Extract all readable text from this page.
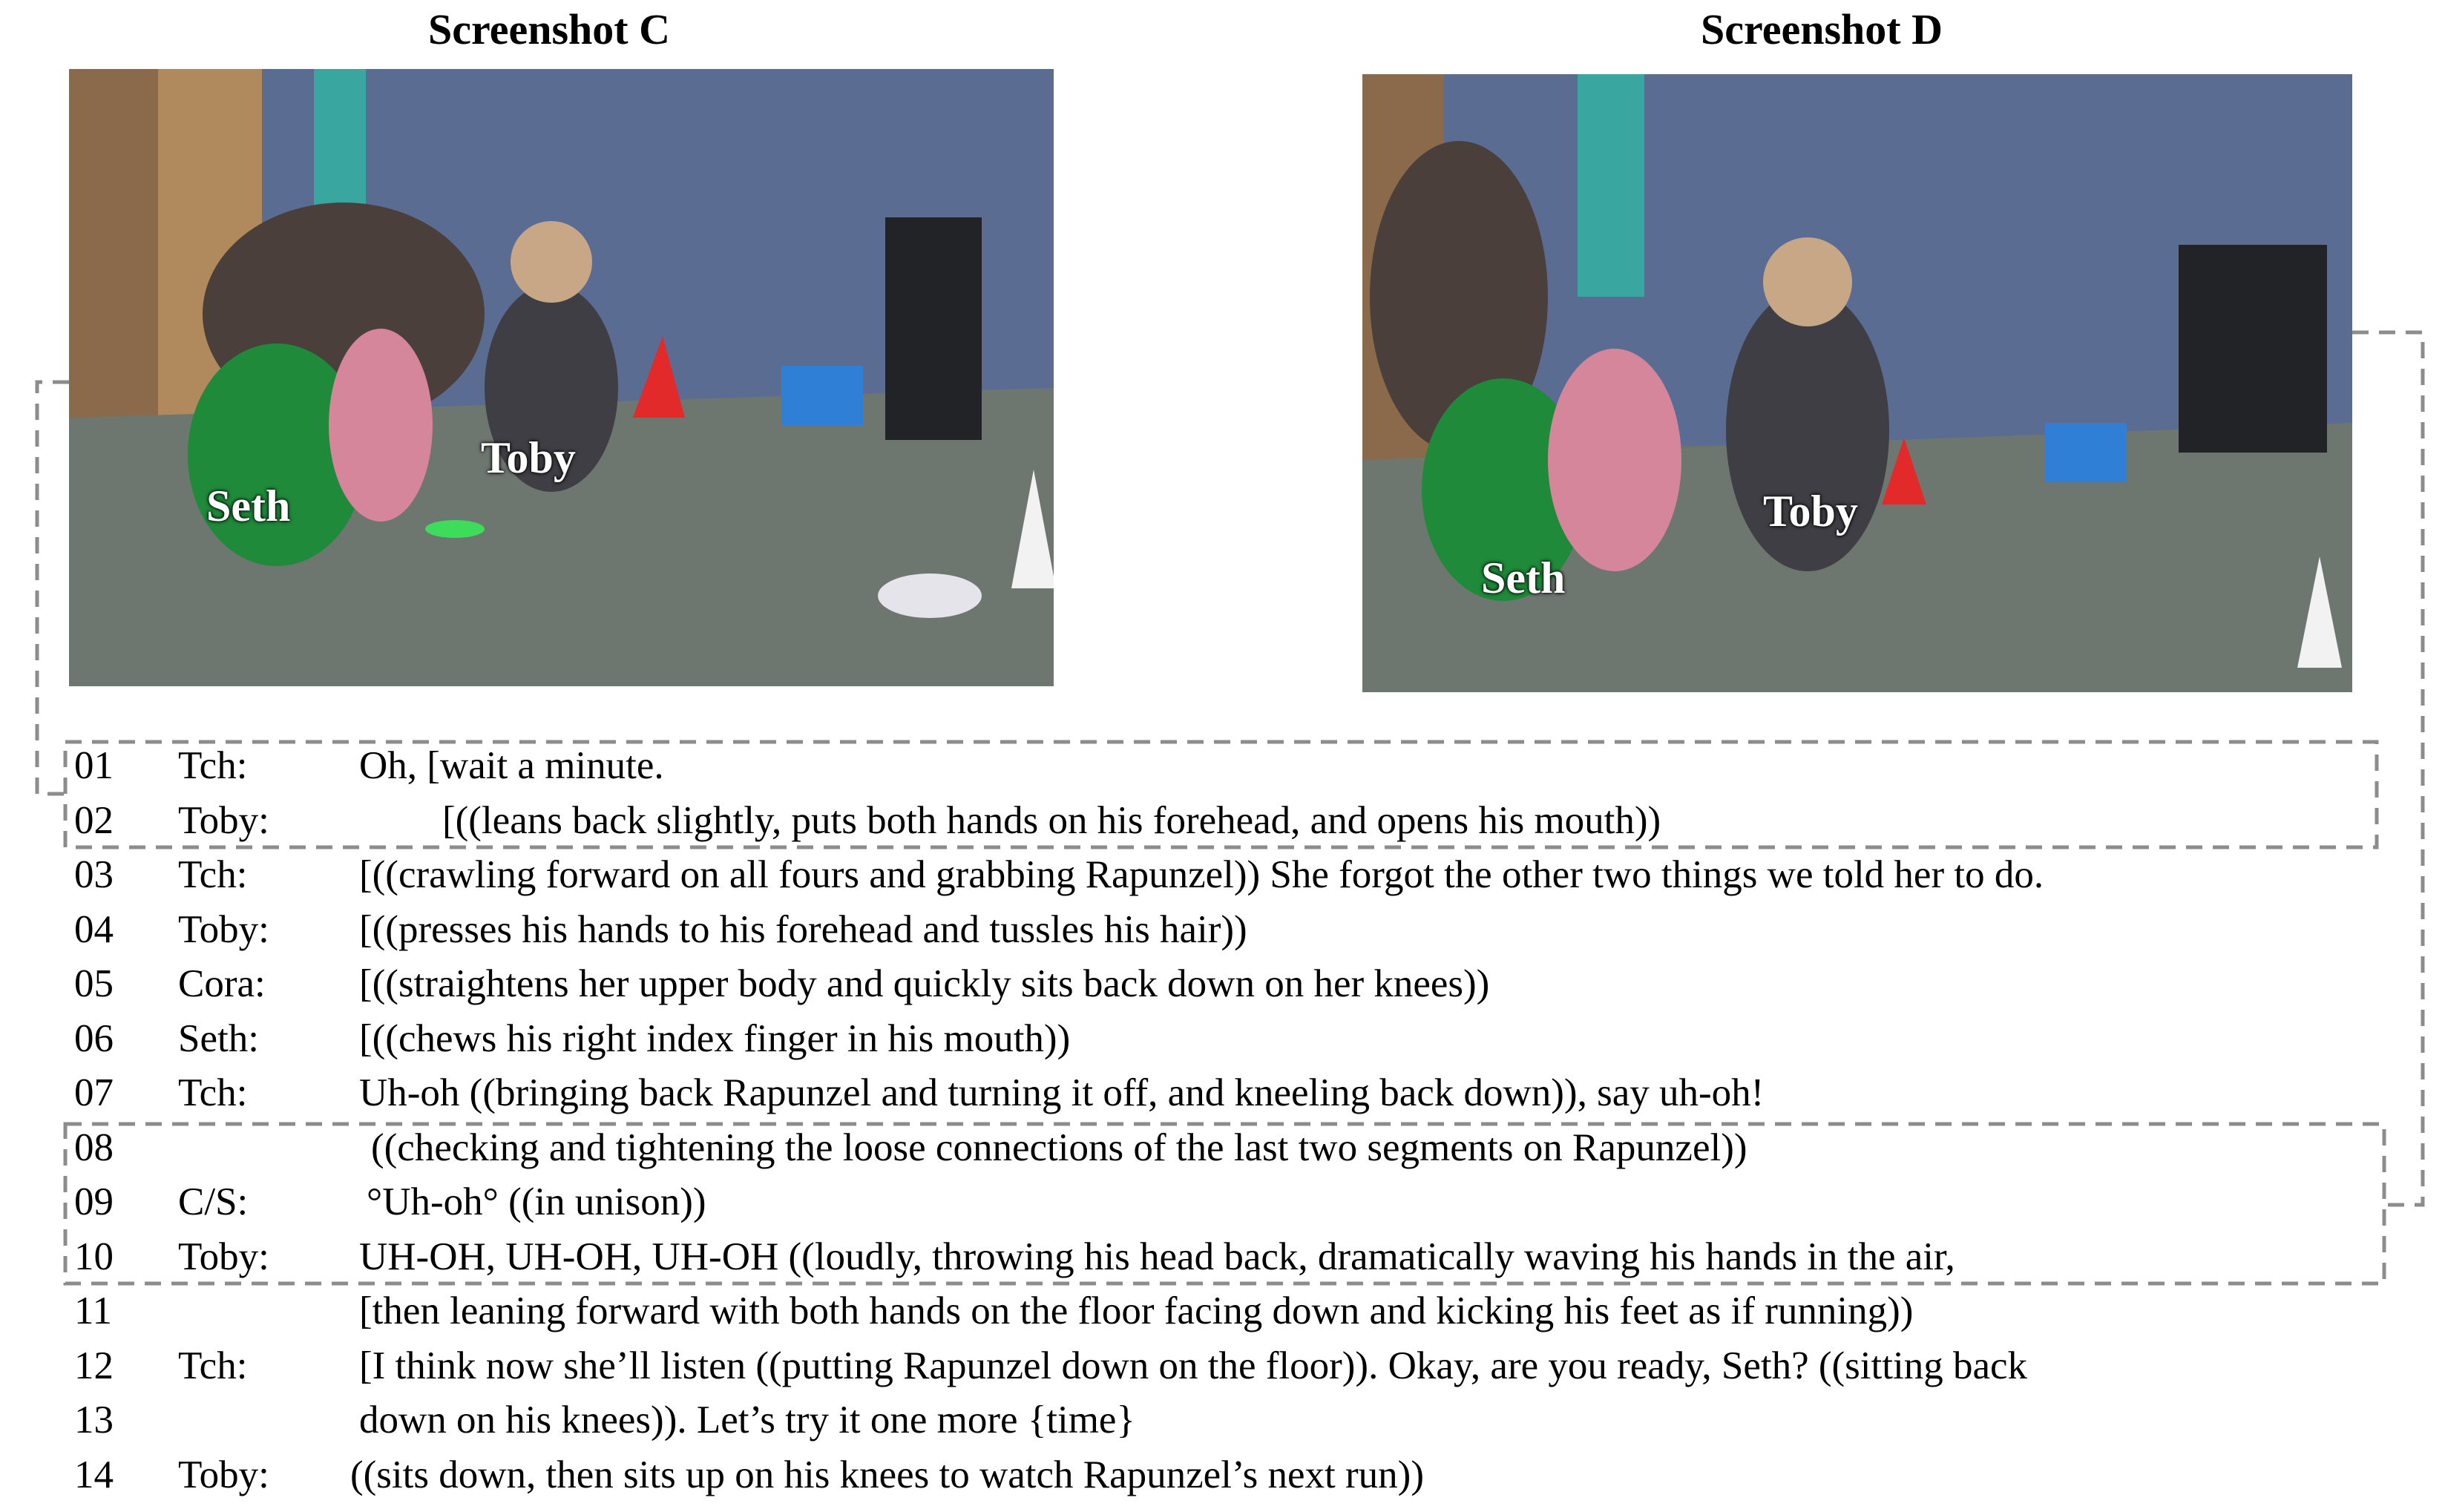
Screenshot C	Screenshot D
Seth
Toby
Seth
Toby
01 Tch:	Oh, [wait a minute.
02 Toby:	[((leans back slightly, puts both hands on his forehead, and opens his mouth))
03 Tch:	[((crawling forward on all fours and grabbing Rapunzel)) She forgot the other two things we told her to do.
04 Toby: [((presses his hands to his forehead and tussles his hair))
05 Cora: [((straightens her upper body and quickly sits back down on her knees))
06 Seth:	[((chews his right index finger in his mouth))
07 Tch:	Uh-oh ((bringing back Rapunzel and turning it off, and kneeling back down)), say uh-oh!
08	((checking and tightening the loose connections of the last two segments on Rapunzel))
09 C/S:	°Uh-oh° ((in unison))
10 Toby: UH-OH, UH-OH, UH-OH ((loudly, throwing his head back, dramatically waving his hands in the air,
11	[then leaning forward with both hands on the floor facing down and kicking his feet as if running))
12 Tch:	[I think now she’ll listen ((putting Rapunzel down on the floor)). Okay, are you ready, Seth? ((sitting back
13	down on his knees)). Let’s try it one more {time}
14 Toby: ((sits down, then sits up on his knees to watch Rapunzel’s next run))
